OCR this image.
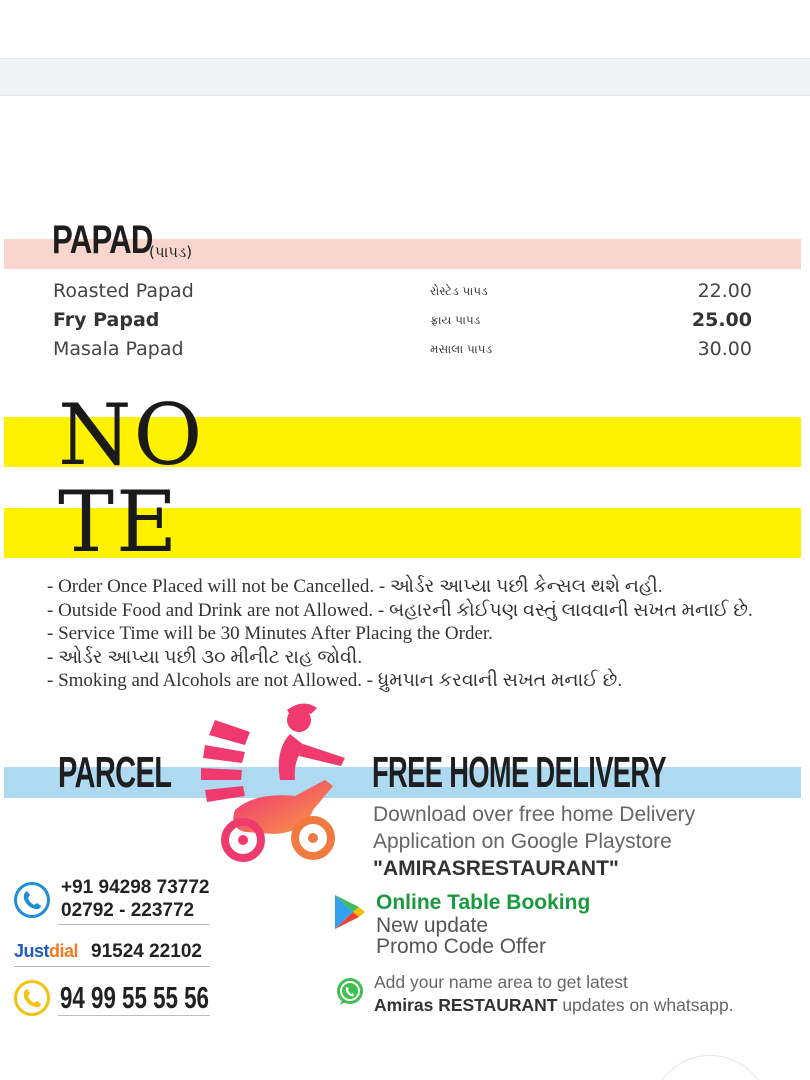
PAPAD
(પાપડ)
Roasted Papad	રોસ્ટેડ પાપડ	22.00
Fry Papad	ફ્રાય પાપડ	25.00
Masala Papad	મસાલા પાપડ	30.00
NO
TE
- Order Once Placed will not be Cancelled. - ઓર્ડર આપ્યા પછી કેન્સલ થશે નહી.
- Outside Food and Drink are not Allowed. - બહારની કોઈપણ વસ્તું લાવવાની સખત મનાઈ છે.
- Service Time will be 30 Minutes After Placing the Order.
- ઓર્ડર આપ્યા પછી ૩૦ મીનીટ રાહ જોવી.
- Smoking and Alcohols are not Allowed. - ધ્રુમપાન કરવાની સખત મનાઈ છે.
PARCEL	FREE HOME DELIVERY
Download over free home Delivery
Application on Google Playstore
"AMIRASRESTAURANT"
+91 94298 73772
02792 - 223772
Justdial 91524 22102
94 99 55 55 56
Online Table Booking
New update
Promo Code Offer
Add your name area to get latest
Amiras RESTAURANT updates on whatsapp.
